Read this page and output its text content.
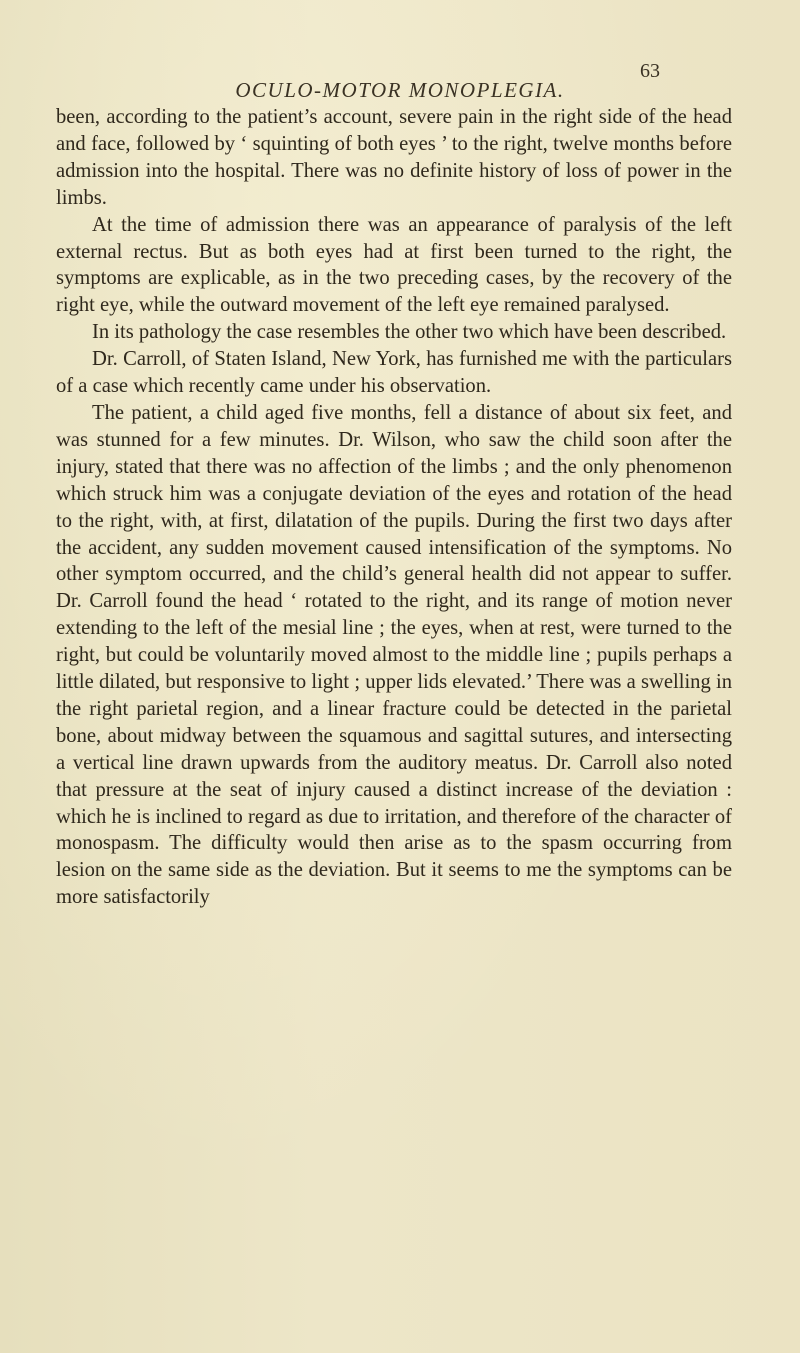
OCULO-MOTOR MONOPLEGIA.
63

been, according to the patient’s account, severe pain in the right side of the head and face, followed by ‘ squinting of both eyes ’ to the right, twelve months before admission into the hospital. There was no definite history of loss of power in the limbs.

At the time of admission there was an appearance of paralysis of the left external rectus. But as both eyes had at first been turned to the right, the symptoms are explicable, as in the two preceding cases, by the recovery of the right eye, while the outward movement of the left eye remained paralysed.

In its pathology the case resembles the other two which have been described.

Dr. Carroll, of Staten Island, New York, has furnished me with the particulars of a case which recently came under his observation.

The patient, a child aged five months, fell a distance of about six feet, and was stunned for a few minutes. Dr. Wilson, who saw the child soon after the injury, stated that there was no affection of the limbs ; and the only phenomenon which struck him was a conjugate deviation of the eyes and rotation of the head to the right, with, at first, dilatation of the pupils. During the first two days after the accident, any sudden movement caused intensification of the symptoms. No other symptom occurred, and the child’s general health did not appear to suffer. Dr. Carroll found the head ‘ rotated to the right, and its range of motion never extending to the left of the mesial line ; the eyes, when at rest, were turned to the right, but could be voluntarily moved almost to the middle line ; pupils perhaps a little dilated, but responsive to light ; upper lids elevated.’ There was a swelling in the right parietal region, and a linear fracture could be detected in the parietal bone, about midway between the squamous and sagittal sutures, and intersecting a vertical line drawn upwards from the auditory meatus. Dr. Carroll also noted that pressure at the seat of injury caused a distinct increase of the deviation : which he is inclined to regard as due to irritation, and therefore of the character of monospasm. The difficulty would then arise as to the spasm occurring from lesion on the same side as the deviation. But it seems to me the symptoms can be more satisfactorily
